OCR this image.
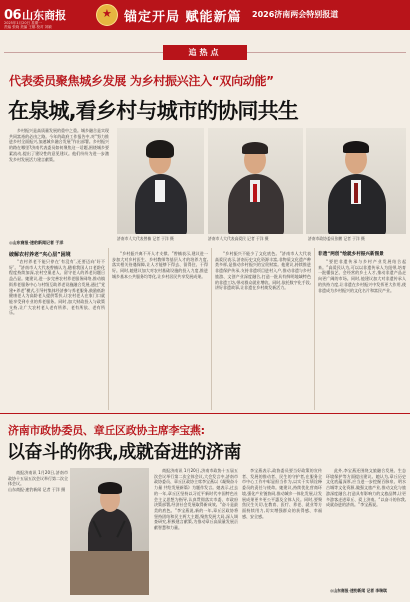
06 山东商报
2025年1月20日 星期一
责编 张晓 美编 王娜 校对 刘颖
★
锚定开局 赋能新篇 2026济南两会特别报道
追热点
代表委员聚焦城乡发展 为乡村振兴注入“双向动能”
在泉城,看乡村与城市的协同共生
乡村振兴是高质量发展的重中之重。城乡融合是实现共同富裕的必由之路。今年的政府工作报告中,对“努力推进乡村全面振兴,加速城乡融合发展”作出部署。乡村振兴的路在哪里?济南代表委员如何聚焦这一话题,围绕城乡要素流动,提出了建设性的意见建议。他们纷纷为进一步激发乡村发展活力建言献策。
◎山东商报·速豹新闻记者 于洋
济南市人大代表曾楠 记者 于洋 摄	济南市人大代表高爱民 记者 于洋 摄	济南市政协委员张鹏 记者 于洋 摄
破解农村养老“夹心层”困境
“农村养老不能只停在‘有没有’,还要迈向‘好不好’。”济南市人大代表曾楠认为,随着我国人口老龄化程度持续加深,农村空巢老人、留守老人的养老问题日益凸显。她建议,进一步完善农村养老服务网络,推动镇街养老服务中心与村级互助养老设施融合发展,通过“党建+养老”模式,引导村集体经济参与养老服务,鼓励低龄健康老人为高龄老人提供帮扶,让农村老人在家门口就能享受到专业的养老服务。同时,加大财政投入与政策支持,让广大农村老人老有所养、老有所依、老有所乐。
“乡村振兴离不开人才支撑。”曾楠表示,建议进一步加大对乡村医生、乡村教师等基层人才的培养力度,落实相关待遇保障,让人才能够下得去、留得住、干得好。同时,她建议加大对农村基础设施的投入力度,推进城乡基本公共服务均等化,让乡村居民共享发展成果。
“乡村振兴不能少了文化底色。”济南市人大代表高爱民表示,济南历史文化资源丰富,非物质文化遗产种类多样,是推动乡村振兴的宝贵财富。他建议,持续推进非遗保护传承,支持非遗项目进村入户,推动非遗与乡村旅游、文创产业深度融合,打造一批具有鲜明地域特色的非遗工坊,带动群众就业增收。同时,依托数字化手段,讲好非遗故事,让非遗在乡村焕发新活力。
非遗“两创”绘就乡村振兴新图景
“要把非遗传承与乡村产业发展结合起来。”高爱民认为,可以以非遗传承人为纽带,培育一批懂技艺、会经营的乡土人才,推动非遗产品走向更广阔的市场。同时,他建议加大对非遗传承人的扶持力度,让非遗在乡村振兴中发挥更大作用,使非遗成为乡村振兴的文化名片和富民产业。
济南市政协委员、章丘区政协主席李宝燕:
以奋斗的你我,成就奋进的济南
商报济南讯 1月20日,济南市政协十五届五次会议举行第二次全体会议,大会发言中,济南市政协委员、章丘区政协主席李宝燕以《凝聚奋斗力量 共绘发展新篇》为题作发言。她表示,过去的一年,章丘区坚持以习近平新时代中国特色社会主义思想为指导,认真贯彻落实市委、市政府决策部署,经济社会发展取得新成效。“奋斗是最美的底色。”李宝燕说,新的一年,章丘区政协将坚持团结和民主两大主题,聚焦发展大局,深入调查研究,积极建言献策,为推动章丘高质量发展贡献智慧和力量。
李宝燕表示,政协委员要当好政策的宣传者、发展的推动者、民生的守护者,在服务全市中心工作中彰显担当作为,以实干实绩诠释委员的责任与使命。她建议,持续优化营商环境,强化产业链协同,推动城乡一体化发展,让发展成果更多更公平惠及全体人民。同时,要聚焦民生关切,在教育、医疗、养老、就业等方面持续用力,切实增强群众的获得感、幸福感、安全感。
此外,李宝燕还围绕文旅融合发展、生态环境保护等方面提出建议。她认为,章丘历史文化底蕴深厚,应当进一步挖掘百脉泉、明水古城等文化资源,做强文旅产业,推动文化与旅游深度融合,打造具有影响力的文旅品牌,让更多游客走进章丘、爱上济南。“以奋斗的你我,成就奋进的济南。”李宝燕说。
◎山东商报·速豹新闻 记者 李瑞琪
商报济南讯 1月20日,济南市政协十五届五次会议举行第二次全体会议。
山东商报·速豹新闻 记者 于洋 摄
